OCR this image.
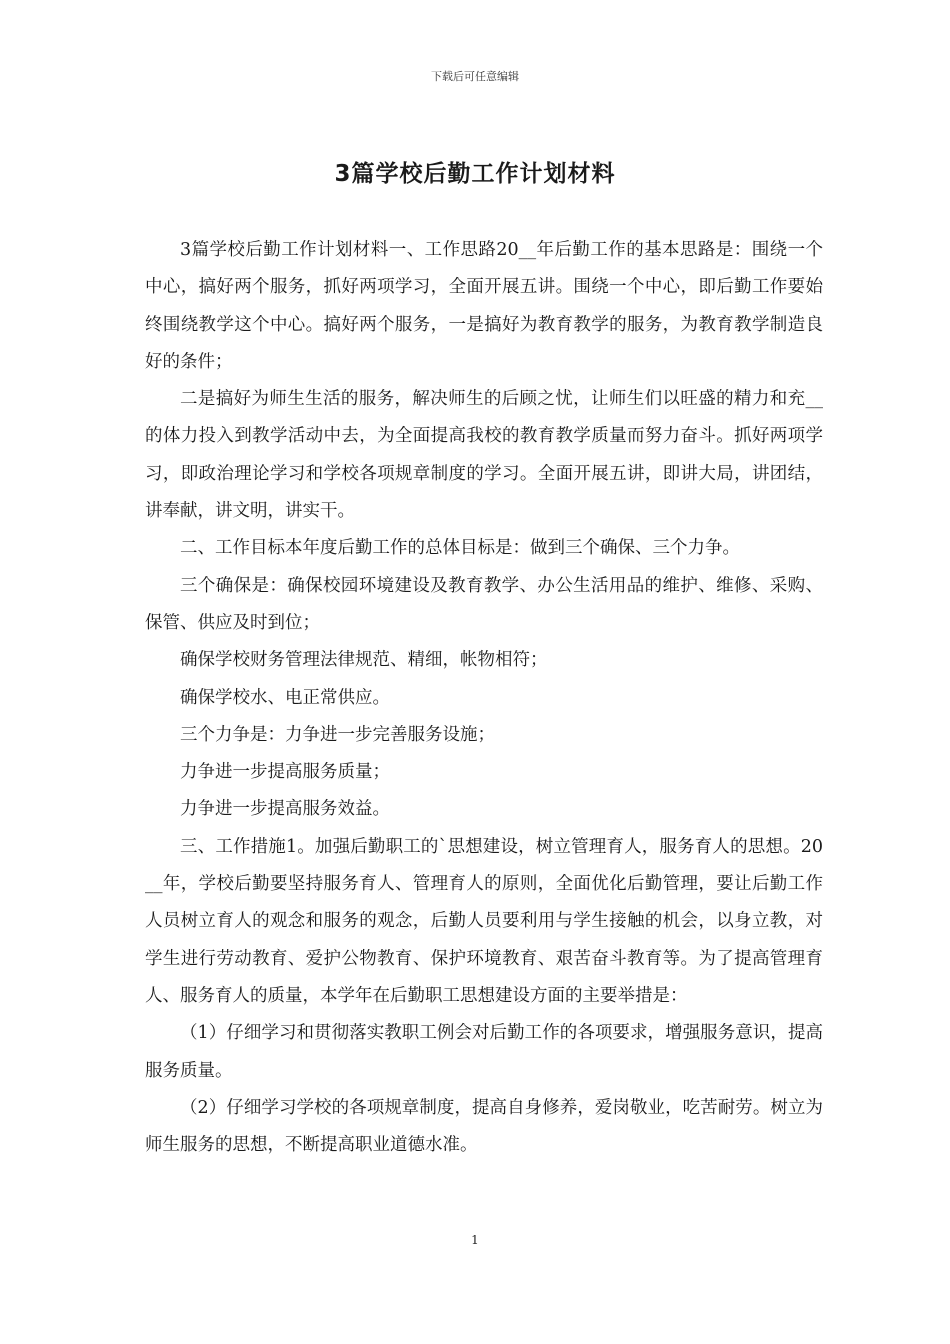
下载后可任意编辑
3篇学校后勤工作计划材料

3篇学校后勤工作计划材料一、工作思路20__年后勤工作的基本思路是：围绕一个中心，搞好两个服务，抓好两项学习，全面开展五讲。围绕一个中心，即后勤工作要始终围绕教学这个中心。搞好两个服务，一是搞好为教育教学的服务，为教育教学制造良好的条件；

二是搞好为师生生活的服务，解决师生的后顾之忧，让师生们以旺盛的精力和充__的体力投入到教学活动中去，为全面提高我校的教育教学质量而努力奋斗。抓好两项学习，即政治理论学习和学校各项规章制度的学习。全面开展五讲，即讲大局，讲团结，讲奉献，讲文明，讲实干。

二、工作目标本年度后勤工作的总体目标是：做到三个确保、三个力争。

三个确保是：确保校园环境建设及教育教学、办公生活用品的维护、维修、采购、保管、供应及时到位；

确保学校财务管理法律规范、精细，帐物相符；

确保学校水、电正常供应。

三个力争是：力争进一步完善服务设施；

力争进一步提高服务质量；

力争进一步提高服务效益。

三、工作措施1。加强后勤职工的`思想建设，树立管理育人，服务育人的思想。20__年，学校后勤要坚持服务育人、管理育人的原则，全面优化后勤管理，要让后勤工作人员树立育人的观念和服务的观念，后勤人员要利用与学生接触的机会，以身立教，对学生进行劳动教育、爱护公物教育、保护环境教育、艰苦奋斗教育等。为了提高管理育人、服务育人的质量，本学年在后勤职工思想建设方面的主要举措是：

（1）仔细学习和贯彻落实教职工例会对后勤工作的各项要求，增强服务意识，提高服务质量。

（2）仔细学习学校的各项规章制度，提高自身修养，爱岗敬业，吃苦耐劳。树立为师生服务的思想，不断提高职业道德水准。

1
